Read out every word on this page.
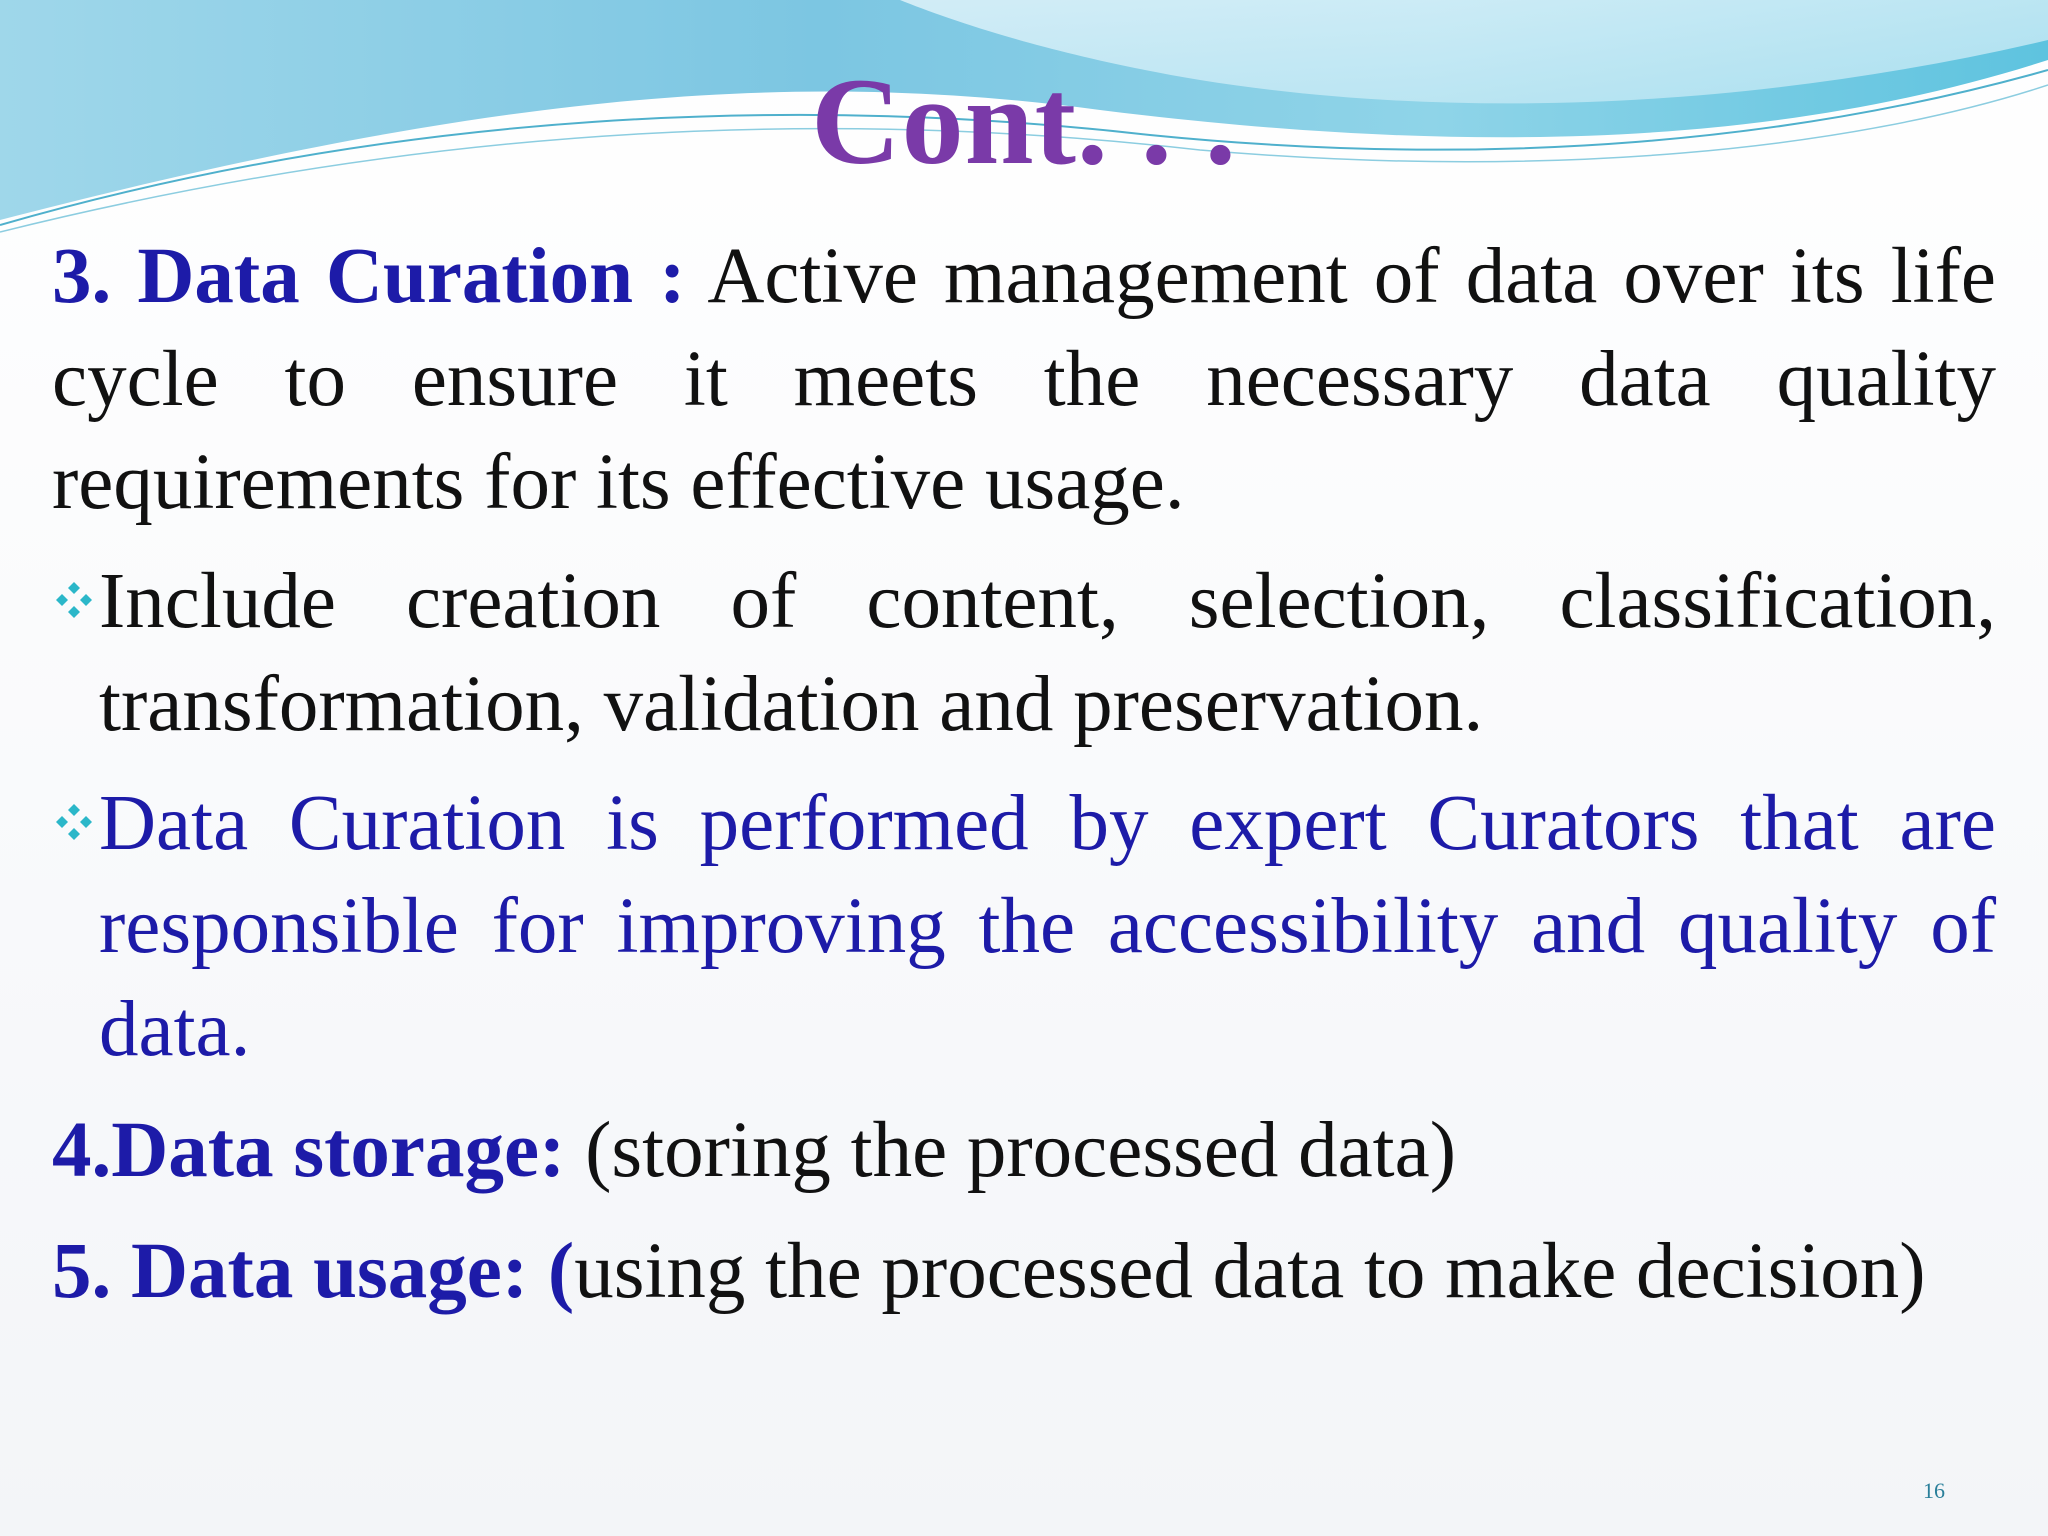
Cont. . .

3. Data Curation : Active management of data over its life cycle to ensure it meets the necessary data quality requirements for its effective usage.

Include creation of content, selection, classification, transformation, validation and preservation.
Data Curation is performed by expert Curators that are responsible for improving the accessibility and quality of data.

4.Data storage: (storing the processed data)

5. Data usage: (using the processed data to make decision)

16
